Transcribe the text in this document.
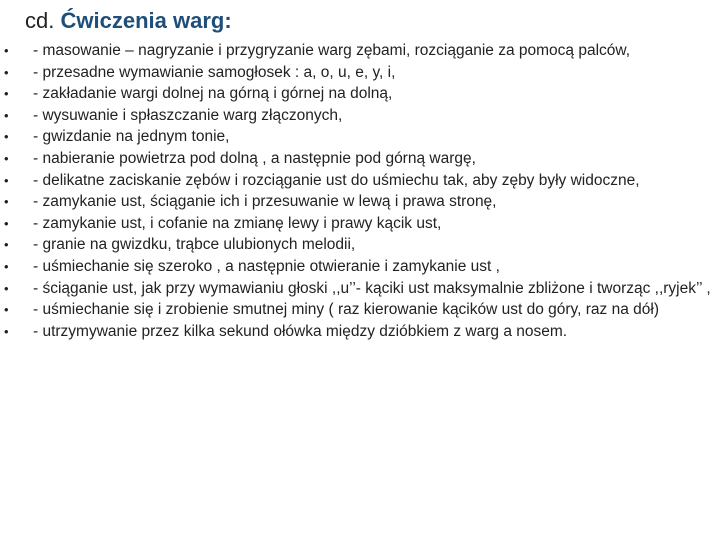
cd. Ćwiczenia warg:
• - masowanie – nagryzanie i przygryzanie warg zębami, rozciąganie za pomocą palców,
• - przesadne wymawianie samogłosek : a, o, u, e, y, i,
• - zakładanie wargi dolnej na górną i górnej na dolną,
• - wysuwanie i spłaszczanie warg złączonych,
• - gwizdanie na jednym tonie,
• - nabieranie powietrza pod dolną , a następnie pod górną wargę,
• - delikatne zaciskanie zębów i rozciąganie ust do uśmiechu tak, aby zęby były widoczne,
• - zamykanie ust, ściąganie ich i przesuwanie w lewą i prawa stronę,
• - zamykanie ust, i cofanie na zmianę lewy i prawy kącik ust,
• - granie na gwizdku, trąbce ulubionych melodii,
• - uśmiechanie się szeroko , a następnie otwieranie i zamykanie ust ,
• - ściąganie ust, jak przy wymawianiu głoski ,,u’’- kąciki ust maksymalnie zbliżone i tworząc ,,ryjek’’ ,
• - uśmiechanie się i zrobienie smutnej miny ( raz kierowanie kącików ust do góry, raz na dół)
• - utrzymywanie przez kilka sekund ołówka między dzióbkiem z warg a nosem.
